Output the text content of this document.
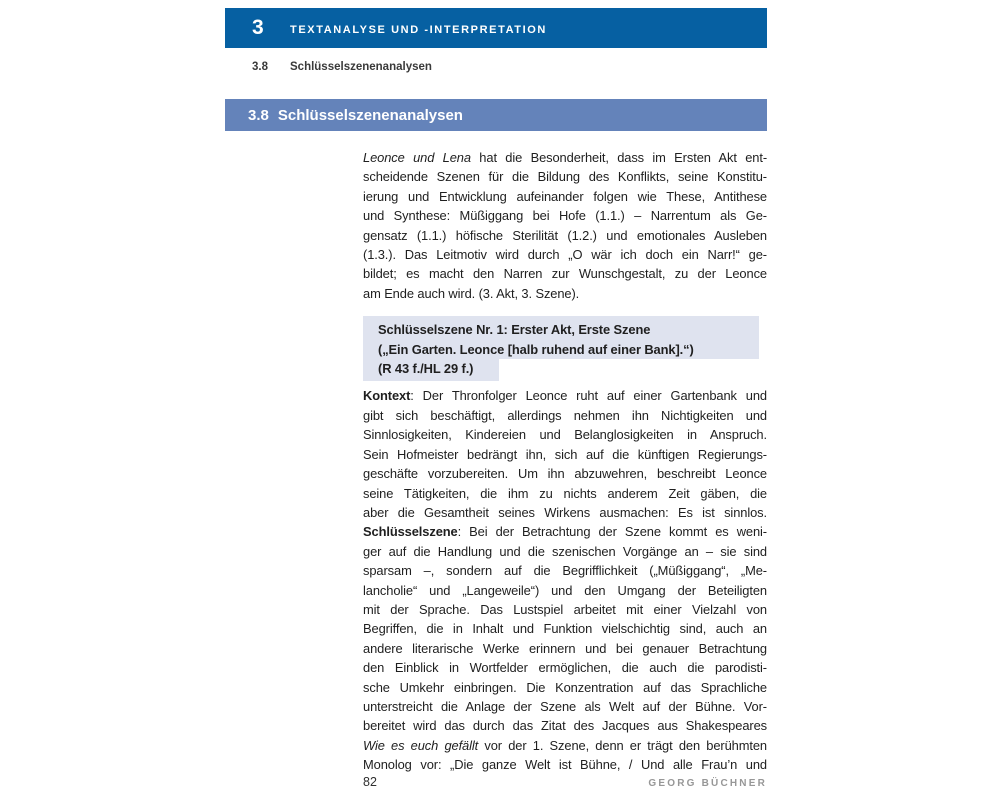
3	TEXTANALYSE UND -INTERPRETATION
3.8	Schlüsselszenenanalysen
3.8 Schlüsselszenenanalysen
Leonce und Lena hat die Besonderheit, dass im Ersten Akt ent-
scheidende Szenen für die Bildung des Konflikts, seine Konstitu-
ierung und Entwicklung aufeinander folgen wie These, Antithese
und Synthese: Müßiggang bei Hofe (1.1.) – Narrentum als Ge-
gensatz (1.1.) höfische Sterilität (1.2.) und emotionales Ausleben
(1.3.). Das Leitmotiv wird durch „O wär ich doch ein Narr!“ ge-
bildet; es macht den Narren zur Wunschgestalt, zu der Leonce
am Ende auch wird. (3. Akt, 3. Szene).
Schlüsselszene Nr. 1: Erster Akt, Erste Szene
(„Ein Garten. Leonce [halb ruhend auf einer Bank].“)
(R 43 f./HL 29 f.)
Kontext: Der Thronfolger Leonce ruht auf einer Gartenbank und
gibt sich beschäftigt, allerdings nehmen ihn Nichtigkeiten und
Sinnlosigkeiten, Kindereien und Belanglosigkeiten in Anspruch.
Sein Hofmeister bedrängt ihn, sich auf die künftigen Regierungs-
geschäfte vorzubereiten. Um ihn abzuwehren, beschreibt Leonce
seine Tätigkeiten, die ihm zu nichts anderem Zeit gäben, die
aber die Gesamtheit seines Wirkens ausmachen: Es ist sinnlos.
Schlüsselszene: Bei der Betrachtung der Szene kommt es weni-
ger auf die Handlung und die szenischen Vorgänge an – sie sind
sparsam –, sondern auf die Begrifflichkeit („Müßiggang“, „Me-
lancholie“ und „Langeweile“) und den Umgang der Beteiligten
mit der Sprache. Das Lustspiel arbeitet mit einer Vielzahl von
Begriffen, die in Inhalt und Funktion vielschichtig sind, auch an
andere literarische Werke erinnern und bei genauer Betrachtung
den Einblick in Wortfelder ermöglichen, die auch die parodisti-
sche Umkehr einbringen. Die Konzentration auf das Sprachliche
unterstreicht die Anlage der Szene als Welt auf der Bühne. Vor-
bereitet wird das durch das Zitat des Jacques aus Shakespeares
Wie es euch gefällt vor der 1. Szene, denn er trägt den berühmten
Monolog vor: „Die ganze Welt ist Bühne, / Und alle Frau’n und
82	GEORG BÜCHNER
